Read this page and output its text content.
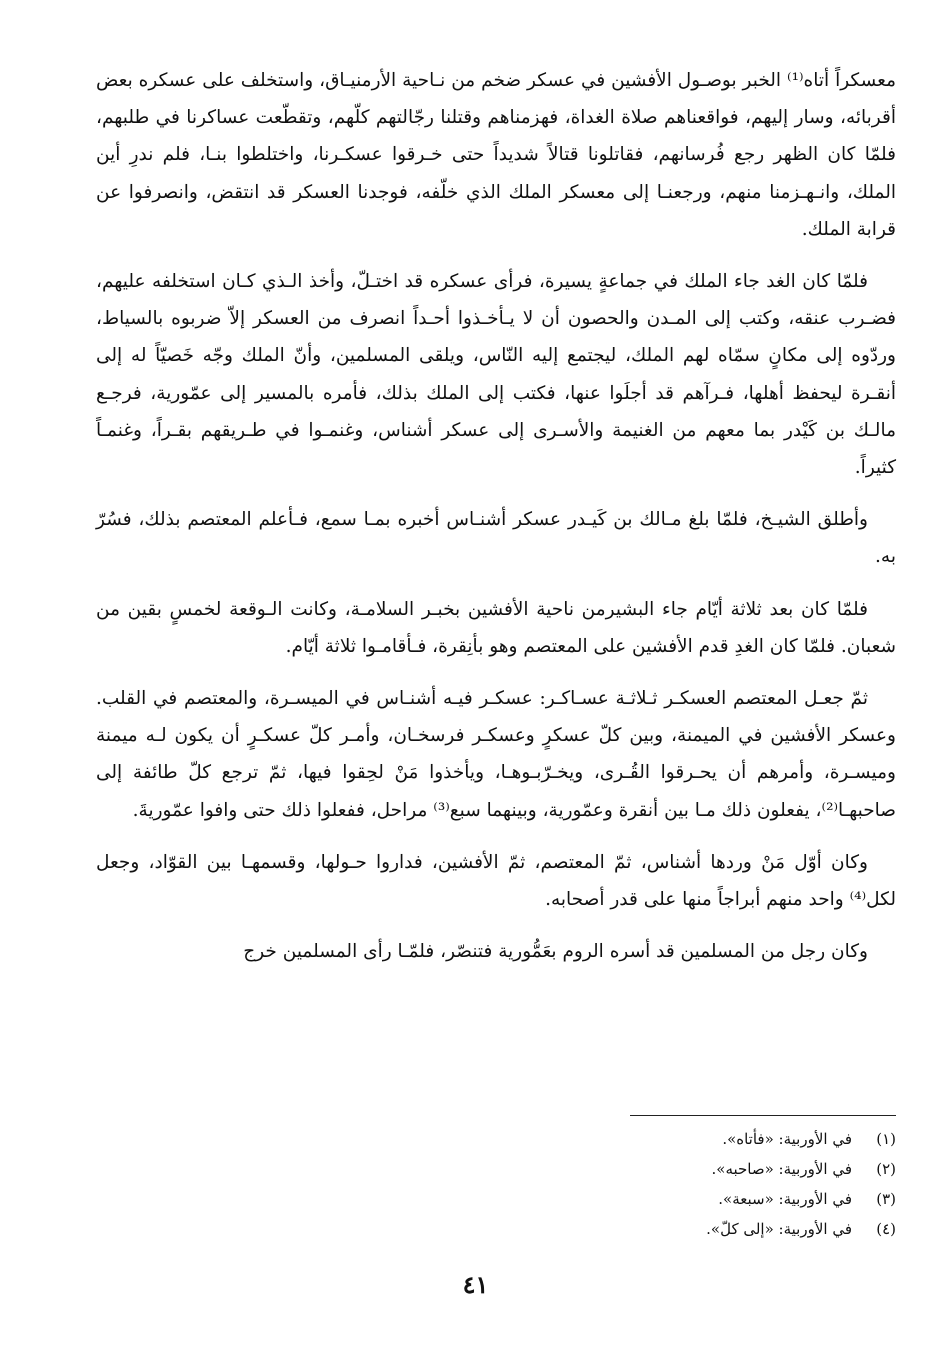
معسكراً أتاه⁽¹⁾ الخبر بوصـول الأفشين في عسكر ضخم من نـاحية الأرمنيـاق، واستخلف على عسكره بعض أقربائه، وسار إليهم، فواقعناهم صلاة الغداة، فهزمناهم وقتلنا رجّالتهم كلّهم، وتقطّعت عساكرنا في طلبهم، فلمّا كان الظهر رجع فُرسانهم، فقاتلونا قتالاً شديداً حتى خـرقوا عسكـرنا، واختلطوا بنـا، فلم ندرِ أين الملك، وانـهـزمنا منهم، ورجعنـا إلى معسكر الملك الذي خلّفه، فوجدنا العسكر قد انتقض، وانصرفوا عن قرابة الملك.

فلمّا كان الغد جاء الملك في جماعةٍ يسيرة، فرأى عسكره قد اختـلّ، وأخذ الـذي كـان استخلفه عليهم، فضـرب عنقه، وكتب إلى المـدن والحصون أن لا يـأخـذوا أحـداً انصرف من العسكر إلاّ ضربوه بالسياط، وردّوه إلى مكانٍ سمّاه لهم الملك، ليجتمع إليه النّاس، ويلقى المسلمين، وأنّ الملك وجّه خَصيّاً له إلى أنقـرة ليحفظ أهلها، فـرآهم قد أجلَوا عنها، فكتب إلى الملك بذلك، فأمره بالمسير إلى عمّورية، فرجـع مالـك بن كَيْدر بما معهم من الغنيمة والأسـرى إلى عسكر أشناس، وغنمـوا في طـريقهم بقـراً، وغنمـاً كثيراً.

وأطلق الشيـخ، فلمّا بلغ مـالك بن كَيـدر عسكر أشنـاس أخبره بمـا سمع، فـأعلم المعتصم بذلك، فسُرّ به.

فلمّا كان بعد ثلاثة أيّام جاء البشيرمن ناحية الأفشين بخبـر السلامـة، وكانت الـوقعة لخمسٍ بقين من شعبان. فلمّا كان الغدِ قدم الأفشين على المعتصم وهو بأنِقرة، فـأقامـوا ثلاثة أيّام.

ثمّ جعـل المعتصم العسكـر ثـلاثـة عسـاكـر: عسكـر فيـه أشنـاس في الميسـرة، والمعتصم في القلب. وعسكر الأفشين في الميمنة، وبين كلّ عسكرٍ وعسكـر فرسخـان، وأمـر كلّ عسكـرٍ أن يكون لـه ميمنة وميسـرة، وأمرهم أن يحـرقوا القُـرى، ويخـرّبـوهـا، ويأخذوا مَنْ لحِقوا فيها، ثمّ ترجع كلّ طائفة إلى صاحبهـا⁽²⁾، يفعلون ذلك مـا بين أنقرة وعمّورية، وبينهما سبع⁽³⁾ مراحل، ففعلوا ذلك حتى وافوا عمّوريةَ.

وكان أوّل مَنْ وردها أشناس، ثمّ المعتصم، ثمّ الأفشين، فداروا حـولها، وقسمهـا بين القوّاد، وجعل لكل⁽⁴⁾ واحد منهم أبراجاً منها على قدر أصحابه.

وكان رجل من المسلمين قد أسره الروم بعَمُّورية فتنصّر، فلمّـا رأى المسلمين خرج

(١)
في الأوربية: «فأتاه».
(٢)
في الأوربية: «صاحبه».
(٣)
في الأوربية: «سبعة».
(٤)
في الأوربية: «إلى كلّ».
٤١
